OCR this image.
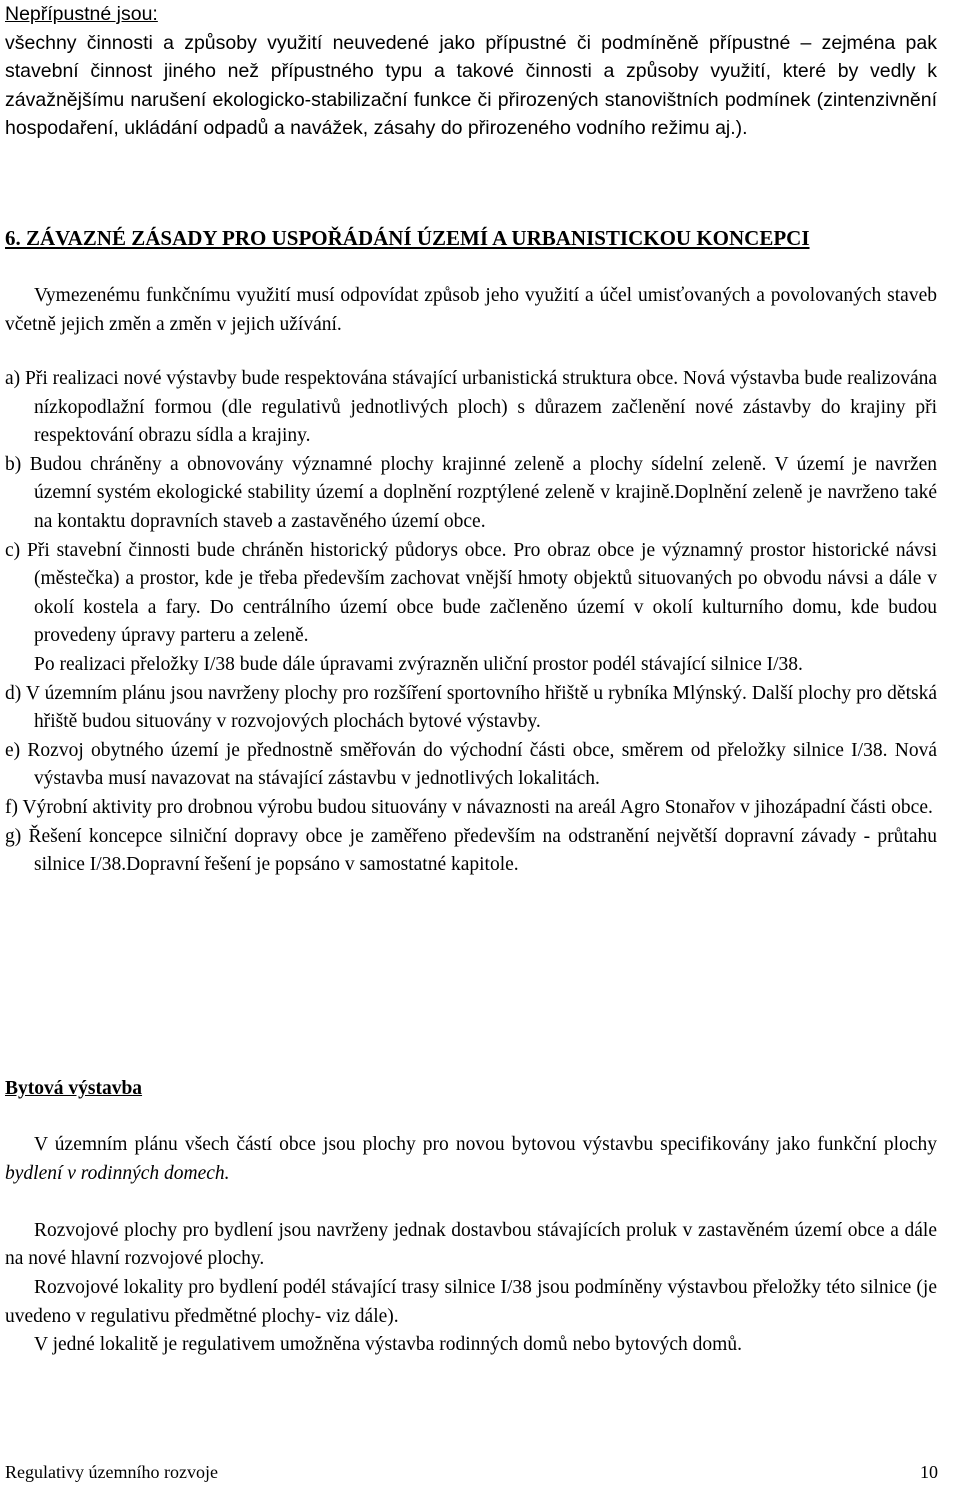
Nepřípustné jsou:

všechny činnosti a způsoby využití neuvedené jako přípustné či podmíněně přípustné – zejména pak stavební činnost jiného než přípustného typu a takové činnosti a způsoby využití, které by vedly k závažnějšímu narušení ekologicko-stabilizační funkce či přirozených stanovištních podmínek (zintenzivnění hospodaření, ukládání odpadů a navážek, zásahy do přirozeného vodního režimu aj.).

6. ZÁVAZNÉ ZÁSADY PRO USPOŘÁDÁNÍ ÚZEMÍ A URBANISTICKOU KONCEPCI

Vymezenému funkčnímu využití musí odpovídat způsob jeho využití a účel umisťovaných a povolovaných staveb včetně jejich změn a změn v jejich užívání.

a) Při realizaci nové výstavby bude respektována stávající urbanistická struktura obce. Nová výstavba bude realizována nízkopodlažní formou (dle regulativů jednotlivých ploch) s důrazem začlenění nové zástavby do krajiny při respektování obrazu sídla a krajiny.

b) Budou chráněny a obnovovány významné plochy krajinné zeleně a plochy sídelní zeleně. V území je navržen územní systém ekologické stability území a doplnění rozptýlené zeleně v krajině.Doplnění zeleně je navrženo také na kontaktu dopravních staveb a zastavěného území obce.

c) Při stavební činnosti bude chráněn historický půdorys obce. Pro obraz obce je významný prostor historické návsi (městečka) a prostor, kde je třeba především zachovat vnější hmoty objektů situovaných po obvodu návsi a dále v okolí kostela a fary. Do centrálního území obce bude začleněno území v okolí kulturního domu, kde budou provedeny úpravy parteru a zeleně.

Po realizaci přeložky I/38 bude dále úpravami zvýrazněn uliční prostor podél stávající silnice I/38.

d) V územním plánu jsou navrženy plochy pro rozšíření sportovního hřiště u rybníka Mlýnský. Další plochy pro dětská hřiště budou situovány v rozvojových plochách bytové výstavby.

e) Rozvoj obytného území je přednostně směřován do východní části obce, směrem od přeložky silnice I/38. Nová výstavba musí navazovat na stávající zástavbu v jednotlivých lokalitách.

f) Výrobní aktivity pro drobnou výrobu budou situovány v návaznosti na areál Agro Stonařov v jihozápadní části obce.

g) Řešení koncepce silniční dopravy obce je zaměřeno především na odstranění největší dopravní závady - průtahu silnice I/38.Dopravní řešení je popsáno v samostatné kapitole.

Bytová výstavba

V územním plánu všech částí obce jsou plochy pro novou bytovou výstavbu specifikovány jako funkční plochy bydlení v rodinných domech.

Rozvojové plochy pro bydlení jsou navrženy jednak dostavbou stávajících proluk v zastavěném území obce a dále na nové hlavní rozvojové plochy.

Rozvojové lokality pro bydlení podél stávající trasy silnice I/38 jsou podmíněny výstavbou přeložky této silnice (je uvedeno v regulativu předmětné plochy- viz dále).

V jedné lokalitě je regulativem umožněna výstavba rodinných domů nebo bytových domů.

Regulativy územního rozvoje	10
